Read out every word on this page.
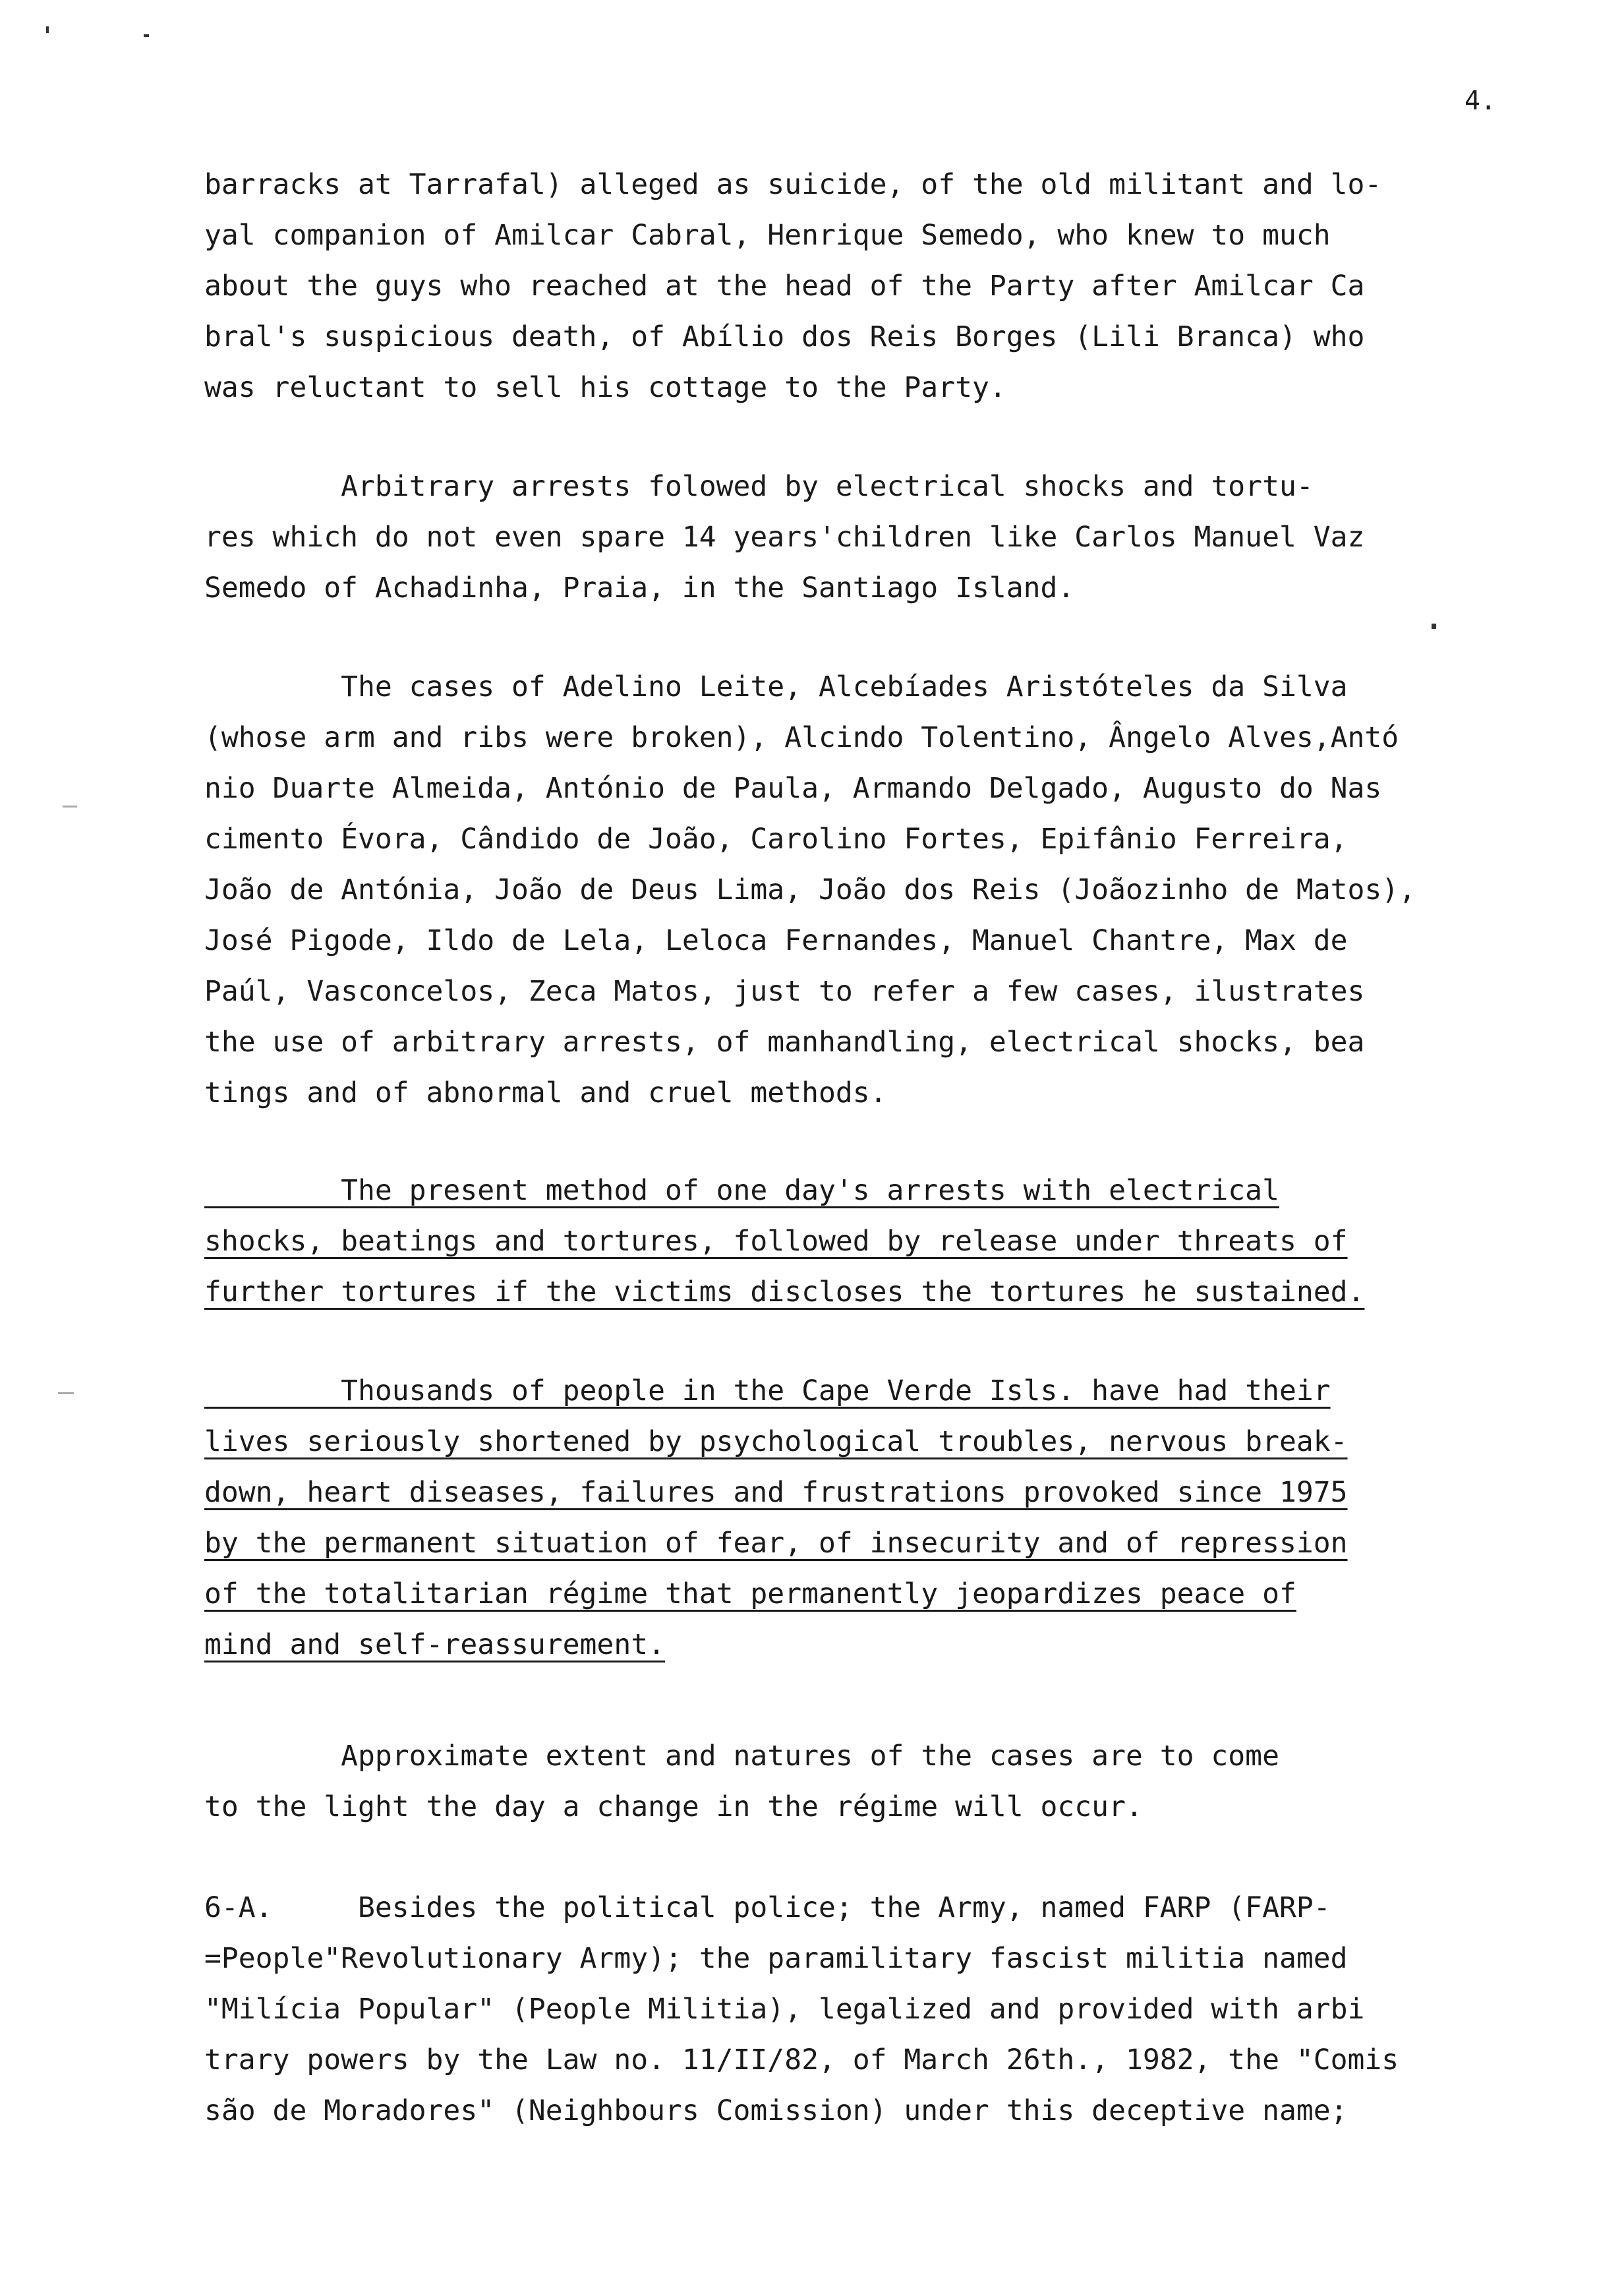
4.
barracks at Tarrafal) alleged as suicide, of the old militant and lo-
yal companion of Amilcar Cabral, Henrique Semedo, who knew to much
about the guys who reached at the head of the Party after Amilcar Ca
bral's suspicious death, of Abílio dos Reis Borges (Lili Branca) who
was reluctant to sell his cottage to the Party.
Arbitrary arrests folowed by electrical shocks and tortu-
res which do not even spare 14 years'children like Carlos Manuel Vaz
Semedo of Achadinha, Praia, in the Santiago Island.
The cases of Adelino Leite, Alcebíades Aristóteles da Silva
(whose arm and ribs were broken), Alcindo Tolentino, Ângelo Alves,Antó
nio Duarte Almeida, António de Paula, Armando Delgado, Augusto do Nas
cimento Évora, Cândido de João, Carolino Fortes, Epifânio Ferreira,
João de Antónia, João de Deus Lima, João dos Reis (Joãozinho de Matos),
José Pigode, Ildo de Lela, Leloca Fernandes, Manuel Chantre, Max de
Paúl, Vasconcelos, Zeca Matos, just to refer a few cases, ilustrates
the use of arbitrary arrests, of manhandling, electrical shocks, bea
tings and of abnormal and cruel methods.
The present method of one day's arrests with electrical
shocks, beatings and tortures, followed by release under threats of
further tortures if the victims discloses the tortures he sustained.
Thousands of people in the Cape Verde Isls. have had their
lives seriously shortened by psychological troubles, nervous break-
down, heart diseases, failures and frustrations provoked since 1975
by the permanent situation of fear, of insecurity and of repression
of the totalitarian régime that permanently jeopardizes peace of
mind and self-reassurement.
Approximate extent and natures of the cases are to come
to the light the day a change in the régime will occur.
6-A.     Besides the political police; the Army, named FARP (FARP-
=People"Revolutionary Army); the paramilitary fascist militia named
"Milícia Popular" (People Militia), legalized and provided with arbi
trary powers by the Law no. 11/II/82, of March 26th., 1982, the "Comis
são de Moradores" (Neighbours Comission) under this deceptive name;
